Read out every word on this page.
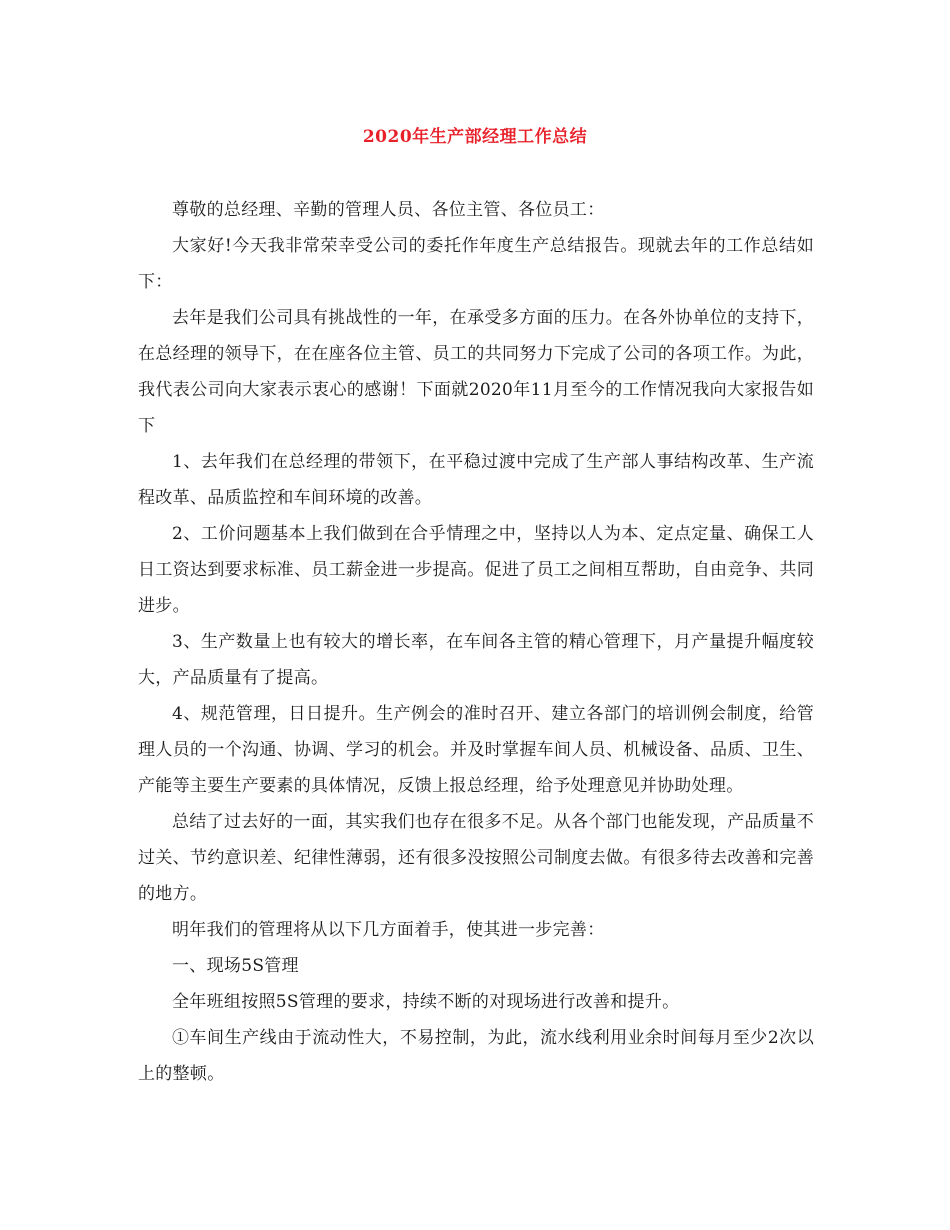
2020年生产部经理工作总结

尊敬的总经理、辛勤的管理人员、各位主管、各位员工：

大家好!今天我非常荣幸受公司的委托作年度生产总结报告。现就去年的工作总结如下：

去年是我们公司具有挑战性的一年，在承受多方面的压力。在各外协单位的支持下，在总经理的领导下，在在座各位主管、员工的共同努力下完成了公司的各项工作。为此，我代表公司向大家表示衷心的感谢！下面就2020年11月至今的工作情况我向大家报告如下

1、去年我们在总经理的带领下，在平稳过渡中完成了生产部人事结构改革、生产流程改革、品质监控和车间环境的改善。

2、工价问题基本上我们做到在合乎情理之中，坚持以人为本、定点定量、确保工人日工资达到要求标准、员工薪金进一步提高。促进了员工之间相互帮助，自由竞争、共同进步。

3、生产数量上也有较大的增长率，在车间各主管的精心管理下，月产量提升幅度较大，产品质量有了提高。

4、规范管理，日日提升。生产例会的准时召开、建立各部门的培训例会制度，给管理人员的一个沟通、协调、学习的机会。并及时掌握车间人员、机械设备、品质、卫生、产能等主要生产要素的具体情况，反馈上报总经理，给予处理意见并协助处理。

总结了过去好的一面，其实我们也存在很多不足。从各个部门也能发现，产品质量不过关、节约意识差、纪律性薄弱，还有很多没按照公司制度去做。有很多待去改善和完善的地方。

明年我们的管理将从以下几方面着手，使其进一步完善：

一、现场5S管理

全年班组按照5S管理的要求，持续不断的对现场进行改善和提升。

①车间生产线由于流动性大，不易控制，为此，流水线利用业余时间每月至少2次以上的整顿。
